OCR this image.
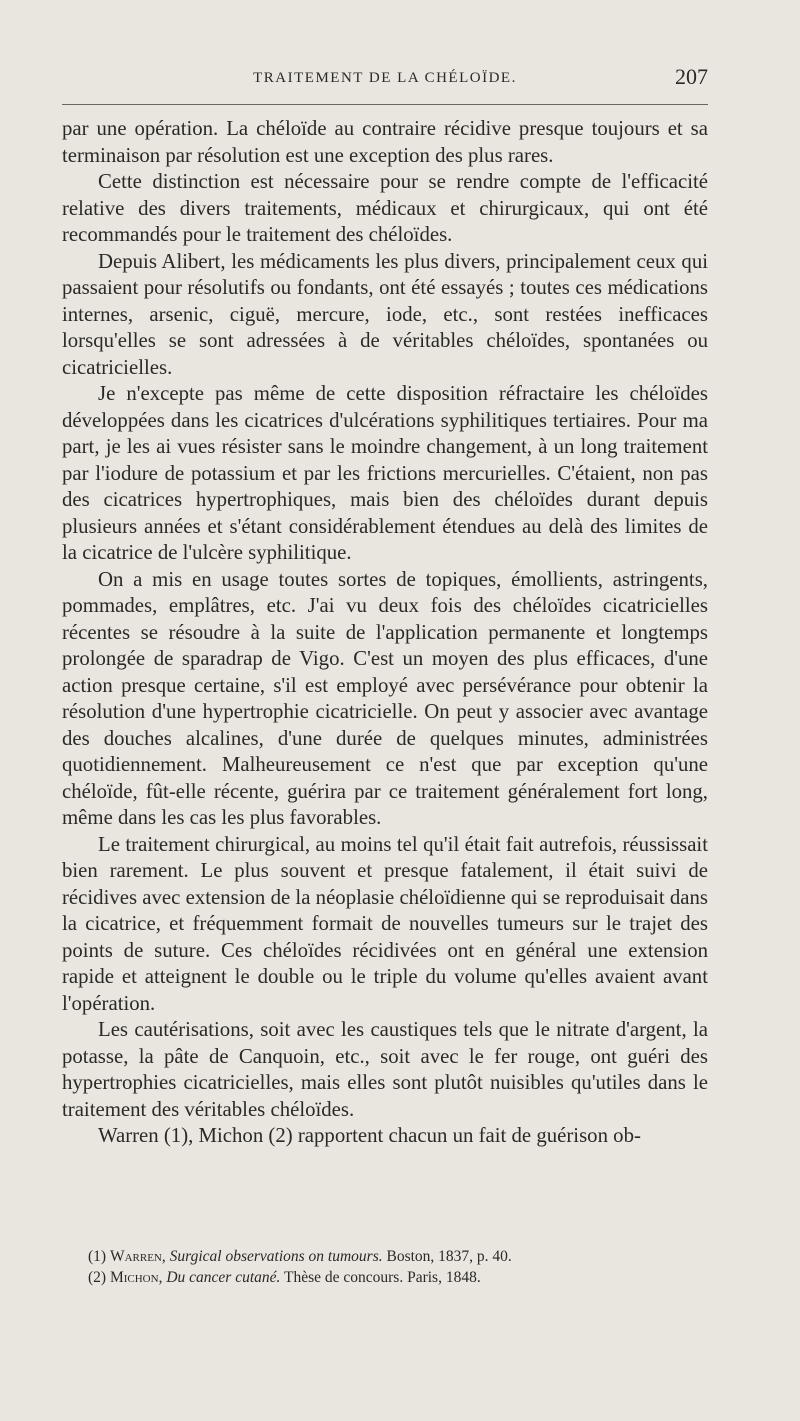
TRAITEMENT DE LA CHÉLOÏDE.	207

par une opération. La chéloïde au contraire récidive presque toujours et sa terminaison par résolution est une exception des plus rares.

Cette distinction est nécessaire pour se rendre compte de l'efficacité relative des divers traitements, médicaux et chirurgicaux, qui ont été recommandés pour le traitement des chéloïdes.

Depuis Alibert, les médicaments les plus divers, principalement ceux qui passaient pour résolutifs ou fondants, ont été essayés ; toutes ces médications internes, arsenic, ciguë, mercure, iode, etc., sont restées inefficaces lorsqu'elles se sont adressées à de véritables chéloïdes, spontanées ou cicatricielles.

Je n'excepte pas même de cette disposition réfractaire les chéloïdes développées dans les cicatrices d'ulcérations syphilitiques tertiaires. Pour ma part, je les ai vues résister sans le moindre changement, à un long traitement par l'iodure de potassium et par les frictions mercurielles. C'étaient, non pas des cicatrices hypertrophiques, mais bien des chéloïdes durant depuis plusieurs années et s'étant considérablement étendues au delà des limites de la cicatrice de l'ulcère syphilitique.

On a mis en usage toutes sortes de topiques, émollients, astringents, pommades, emplâtres, etc. J'ai vu deux fois des chéloïdes cicatricielles récentes se résoudre à la suite de l'application permanente et longtemps prolongée de sparadrap de Vigo. C'est un moyen des plus efficaces, d'une action presque certaine, s'il est employé avec persévérance pour obtenir la résolution d'une hypertrophie cicatricielle. On peut y associer avec avantage des douches alcalines, d'une durée de quelques minutes, administrées quotidiennement. Malheureusement ce n'est que par exception qu'une chéloïde, fût-elle récente, guérira par ce traitement généralement fort long, même dans les cas les plus favorables.

Le traitement chirurgical, au moins tel qu'il était fait autrefois, réussissait bien rarement. Le plus souvent et presque fatalement, il était suivi de récidives avec extension de la néoplasie chéloïdienne qui se reproduisait dans la cicatrice, et fréquemment formait de nouvelles tumeurs sur le trajet des points de suture. Ces chéloïdes récidivées ont en général une extension rapide et atteignent le double ou le triple du volume qu'elles avaient avant l'opération.

Les cautérisations, soit avec les caustiques tels que le nitrate d'argent, la potasse, la pâte de Canquoin, etc., soit avec le fer rouge, ont guéri des hypertrophies cicatricielles, mais elles sont plutôt nuisibles qu'utiles dans le traitement des véritables chéloïdes.

Warren (1), Michon (2) rapportent chacun un fait de guérison ob-

(1) Warren, Surgical observations on tumours. Boston, 1837, p. 40.

(2) Michon, Du cancer cutané. Thèse de concours. Paris, 1848.
